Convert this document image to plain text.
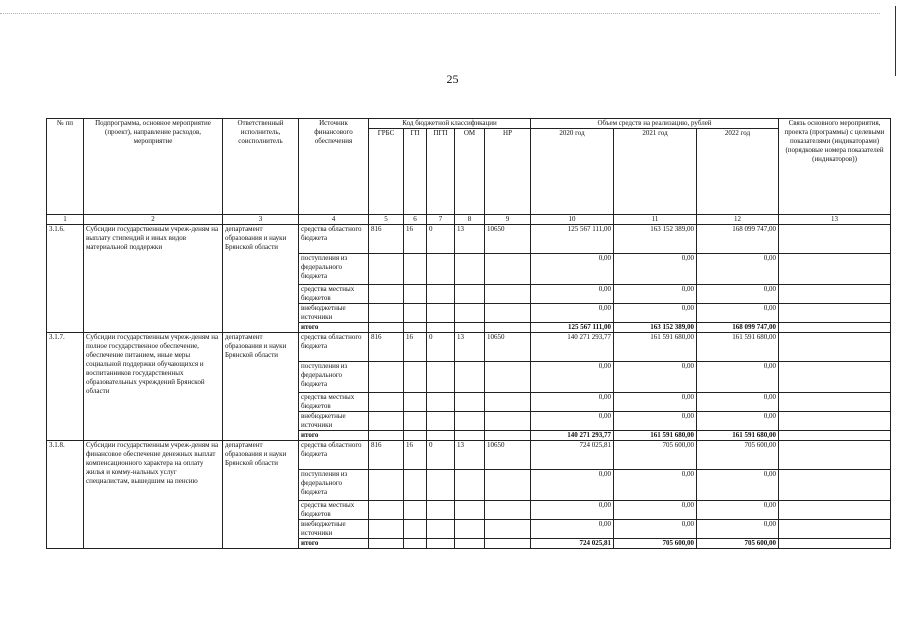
25
№ пп	Подпрограмма, основное мероприятие (проект), направление расходов, мероприятие	Ответственный исполнитель, соисполнитель	Источник финансового обеспечения	Код бюджетной классификации					Объем средств на реализацию, рублей			Связь основного мероприятия, проекта (программы) с целевыми показателями (индикаторами) (порядковые номера показателей (индикаторов))
				ГРБС	ГП	ПГП	ОМ	НР	2020 год	2021 год	2022 год	
1	2	3	4	5	6	7	8	9	10	11	12	13
3.1.6.	Субсидии государственным учреж-деням на выплату стипендий и иных видов материальной поддержки	департамент образования и науки Брянской области	средства областного бюджета	816	16	0	13	10650	125 567 111,00	163 152 389,00	168 099 747,00	
			поступления из федерального бюджета						0,00	0,00	0,00	
			средства местных бюджетов						0,00	0,00	0,00	
			внебюджетные источники						0,00	0,00	0,00	
			итого						125 567 111,00	163 152 389,00	168 099 747,00	
3.1.7.	Субсидии государственным учреж-деням на полное государственное обеспечение, обеспечение питанием, иные меры социальной поддержки обучающихся и воспитанников государственных образовательных учреждений Брянской области	департамент образования и науки Брянской области	средства областного бюджета	816	16	0	13	10650	140 271 293,77	161 591 680,00	161 591 680,00	
			поступления из федерального бюджета						0,00	0,00	0,00	
			средства местных бюджетов						0,00	0,00	0,00	
			внебюджетные источники						0,00	0,00	0,00	
			итого						140 271 293,77	161 591 680,00	161 591 680,00	
3.1.8.	Субсидии государственным учреж-деням на финансовое обеспечение денежных выплат компенсационного характера на оплату жилья и комму-нальных услуг специалистам, вышедшим на пенсию	департамент образования и науки Брянской области	средства областного бюджета	816	16	0	13	10650	724 025,81	705 600,00	705 600,00	
			поступления из федерального бюджета						0,00	0,00	0,00	
			средства местных бюджетов						0,00	0,00	0,00	
			внебюджетные источники						0,00	0,00	0,00	
			итого						724 025,81	705 600,00	705 600,00	
